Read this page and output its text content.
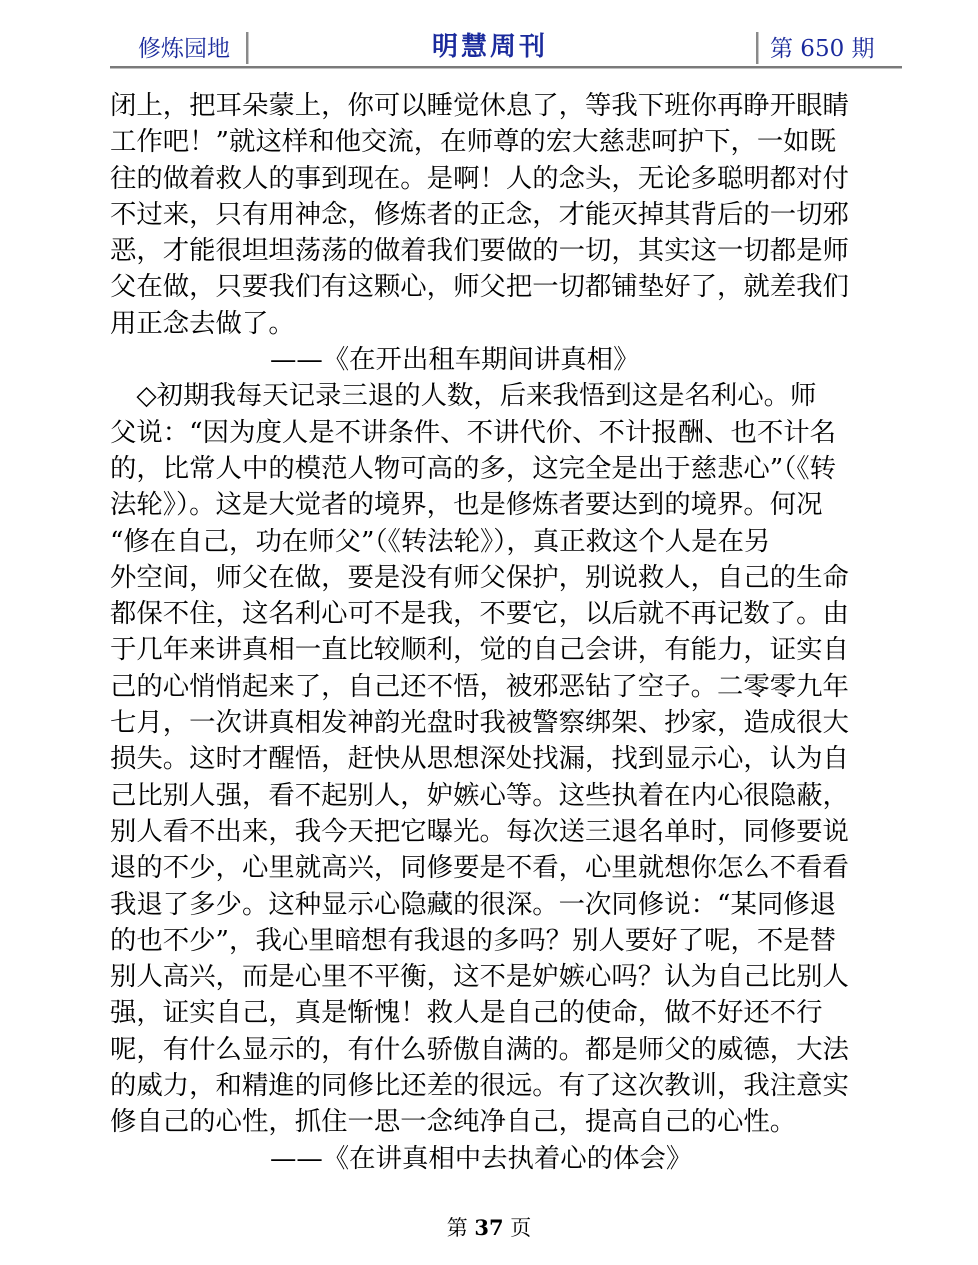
修炼园地	明慧周刊	第 650 期
闭上，把耳朵蒙上，你可以睡觉休息了，等我下班你再睁开眼睛
工作吧！”就这样和他交流，在师尊的宏大慈悲呵护下，一如既
往的做着救人的事到现在。是啊！人的念头，无论多聪明都对付
不过来，只有用神念，修炼者的正念，才能灭掉其背后的一切邪
恶，才能很坦坦荡荡的做着我们要做的一切，其实这一切都是师
父在做，只要我们有这颗心，师父把一切都铺垫好了，就差我们
用正念去做了。
——《在开出租车期间讲真相》
　◇初期我每天记录三退的人数，后来我悟到这是名利心。师
父说：“因为度人是不讲条件、不讲代价、不计报酬、也不计名
的，比常人中的模范人物可高的多，这完全是出于慈悲心”（《转
法轮》）。这是大觉者的境界，也是修炼者要达到的境界。何况
“修在自己，功在师父”（《转法轮》），真正救这个人是在另
外空间，师父在做，要是没有师父保护，别说救人，自己的生命
都保不住，这名利心可不是我，不要它，以后就不再记数了。由
于几年来讲真相一直比较顺利，觉的自己会讲，有能力，证实自
己的心悄悄起来了，自己还不悟，被邪恶钻了空子。二零零九年
七月，一次讲真相发神韵光盘时我被警察绑架、抄家，造成很大
损失。这时才醒悟，赶快从思想深处找漏，找到显示心，认为自
己比别人强，看不起别人，妒嫉心等。这些执着在内心很隐蔽，
别人看不出来，我今天把它曝光。每次送三退名单时，同修要说
退的不少，心里就高兴，同修要是不看，心里就想你怎么不看看
我退了多少。这种显示心隐藏的很深。一次同修说：“某同修退
的也不少”，我心里暗想有我退的多吗？别人要好了呢，不是替
别人高兴，而是心里不平衡，这不是妒嫉心吗？认为自己比别人
强，证实自己，真是惭愧！救人是自己的使命，做不好还不行
呢，有什么显示的，有什么骄傲自满的。都是师父的威德，大法
的威力，和精進的同修比还差的很远。有了这次教训，我注意实
修自己的心性，抓住一思一念纯净自己，提高自己的心性。
——《在讲真相中去执着心的体会》
第 37 页
